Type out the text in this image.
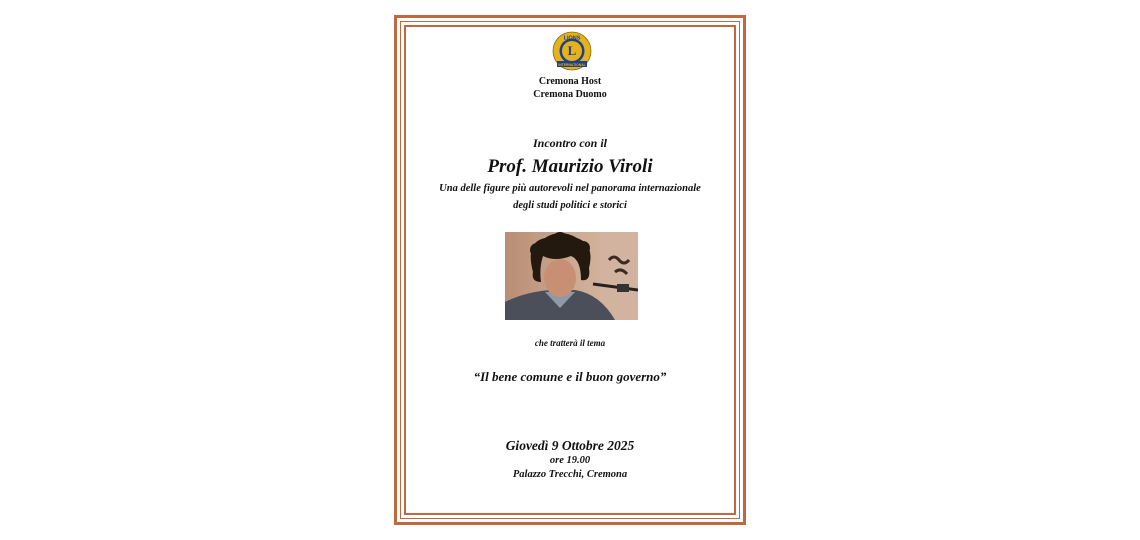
LIONS
L
INTERNATIONAL
Cremona Host
Cremona Duomo
Incontro con il
Prof. Maurizio Viroli
Una delle figure più autorevoli nel panorama internazionale
degli studi politici e storici
che tratterà il tema
“Il bene comune e il buon governo”
Giovedì 9 Ottobre 2025
ore 19.00
Palazzo Trecchi, Cremona
